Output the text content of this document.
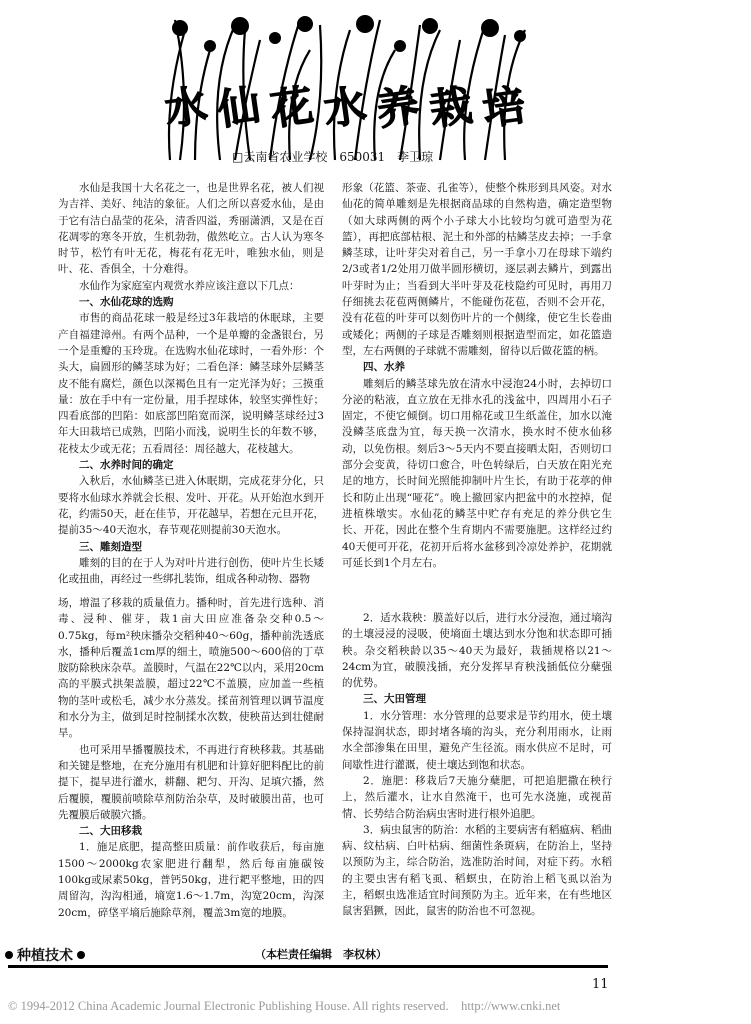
水 仙 花 水 养 栽 培
□云南省农业学校　650031　李卫琼

水仙是我国十大名花之一，也是世界名花，被人们视为吉祥、美好、纯洁的象征。人们之所以喜爱水仙，是由于它有洁白晶莹的花朵，清香四溢，秀丽潇洒，又是在百花凋零的寒冬开放，生机勃勃，傲然屹立。古人认为寒冬时节，松竹有叶无花，梅花有花无叶，唯独水仙，则是叶、花、香俱全，十分难得。

水仙作为家庭室内观赏水养应该注意以下几点：

一、水仙花球的选购

市售的商品花球一般是经过3年栽培的休眠球，主要产自福建漳州。有两个品种，一个是单瓣的金盏银台，另一个是重瓣的玉玲珑。在选购水仙花球时，一看外形：个头大，扁圆形的鳞茎球为好；二看色泽：鳞茎球外层鳞茎皮不能有腐烂，颜色以深褐色且有一定光泽为好；三摸重量：放在手中有一定份量，用手捏球体，较坚实弹性好；四看底部的凹陷：如底部凹陷宽而深，说明鳞茎球经过3年大田栽培已成熟，凹陷小而浅，说明生长的年数不够，花枝太少或无花；五看周径：周径越大，花枝越大。

二、水养时间的确定

入秋后，水仙鳞茎已进入休眠期，完成花芽分化，只要将水仙球水养就会长根、发叶、开花。从开始泡水到开花，约需50天，赶在佳节，开花越早，若想在元旦开花，提前35～40天泡水，春节观花则提前30天泡水。

三、雕刻造型

雕刻的目的在于人为对叶片进行创伤，使叶片生长矮化或扭曲，再经过一些绑扎装饰，组成各种动物、器物

形象（花篮、茶壶、孔雀等），使整个株形到具风姿。对水仙花的简单雕刻是先根据商品球的自然构造，确定造型物（如大球两侧的两个小子球大小比较均匀就可造型为花篮），再把底部枯根、泥土和外部的枯鳞茎皮去掉；一手拿鳞茎球，让叶芽尖对着自己，另一手拿小刀在母球下端约2/3或者1/2处用刀做半圆形横切，逐层剥去鳞片，到露出叶芽时为止；当看到大半叶芽及花枝隐约可见时，再用刀仔细挑去花苞两侧鳞片，不能碰伤花苞，否则不会开花，没有花苞的叶芽可以刻伤叶片的一个侧缘，使它生长卷曲或矮化；两侧的子球是否雕刻则根据造型而定，如花篮造型，左右两侧的子球就不需雕刻，留待以后做花篮的柄。

四、水养

雕刻后的鳞茎球先放在清水中浸泡24小时，去掉切口分泌的粘液，直立放在无排水孔的浅盆中，四周用小石子固定，不使它倾倒。切口用棉花或卫生纸盖住，加水以淹没鳞茎底盘为宜，每天换一次清水，换水时不使水仙移动，以免伤根。刻后3～5天内不要直接晒太阳，否则切口部分会变黄，待切口愈合，叶色转绿后，白天放在阳光充足的地方，长时间光照能抑制叶片生长，有助于花葶的伸长和防止出现“哑花”。晚上撤回家内把盆中的水控掉，促进植株墩实。水仙花的鳞茎中贮存有充足的养分供它生长、开花，因此在整个生育期内不需要施肥。这样经过约40天便可开花，花初开后将水盆移到冷凉处养护，花期就可延长到1个月左右。

场，增温了移栽的质量值力。播种时，首先进行选种、消毒、浸种、催芽，栽1亩大田应准备杂交种0.5～0.75kg，每m²秧床播杂交稻种40～60g，播种前洗透底水，播种后覆盖1cm厚的细土，喷施500～600倍的丁草胺防除秧床杂草。盖膜时，气温在22℃以内，采用20cm高的平膜式拱架盖膜，超过22℃不盖膜，应加盖一些植物的茎叶或松毛，减少水分蒸发。揉苗剂管理以调节温度和水分为主，做到足时控制揉水次数，使秧苗达到壮健耐旱。

也可采用旱播覆膜技术，不再进行育秧移栽。其基础和关键是整地，在充分施用有机肥和计算好肥料配比的前提下，提早进行灌水，耕翻、耙匀、开沟、足填穴播，然后覆膜，覆膜前喷除草剂防治杂草，及时破膜出苗，也可先覆膜后破膜穴播。

二、大田移栽

1．施足底肥，提高整田质量：前作收获后，每亩施1500～2000kg农家肥进行翻犁，然后每亩施碳铵100kg或尿素50kg，普钙50kg，进行耙平整地，田的四周留沟，沟沟相通，墒宽1.6～1.7m，沟宽20cm，沟深20cm，碎垡平墒后施除草剂，覆盖3m宽的地膜。

2．适水栽秧：膜盖好以后，进行水分浸泡，通过墒沟的土壤浸浸的浸吸，使墒面土壤达到水分饱和状态即可插秧。杂交稻秧龄以35～40天为最好，栽插规格以21～24cm为宜，破膜浅插，充分发挥早育秧浅插低位分蘖强的优势。

三、大田管理

1．水分管理：水分管理的总要求是节约用水，使土壤保持湿润状态，即封堵各墒的沟头，充分利用雨水，让雨水全部渗集在田里，避免产生径流。雨水供应不足时，可间歇性进行灌溉，使土壤达到饱和状态。

2．施肥：移栽后7天施分蘖肥，可把追肥撒在秧行上，然后灌水，让水自然淹干，也可先水浇施，或视苗情、长势结合防治病虫害时进行根外追肥。

3．病虫鼠害的防治：水稻的主要病害有稻瘟病、稻曲病、纹枯病、白叶枯病、细菌性条斑病，在防治上，坚持以预防为主，综合防治，选准防治时间，对症下药。水稻的主要虫害有稻飞虱、稻螟虫，在防治上稻飞虱以治为主，稻螟虫选准适宜时间预防为主。近年来，在有些地区鼠害猖獗，因此，鼠害的防治也不可忽视。

种植技术	（本栏责任编辑　李权林）
11
© 1994-2012 China Academic Journal Electronic Publishing House. All rights reserved.　http://www.cnki.net
